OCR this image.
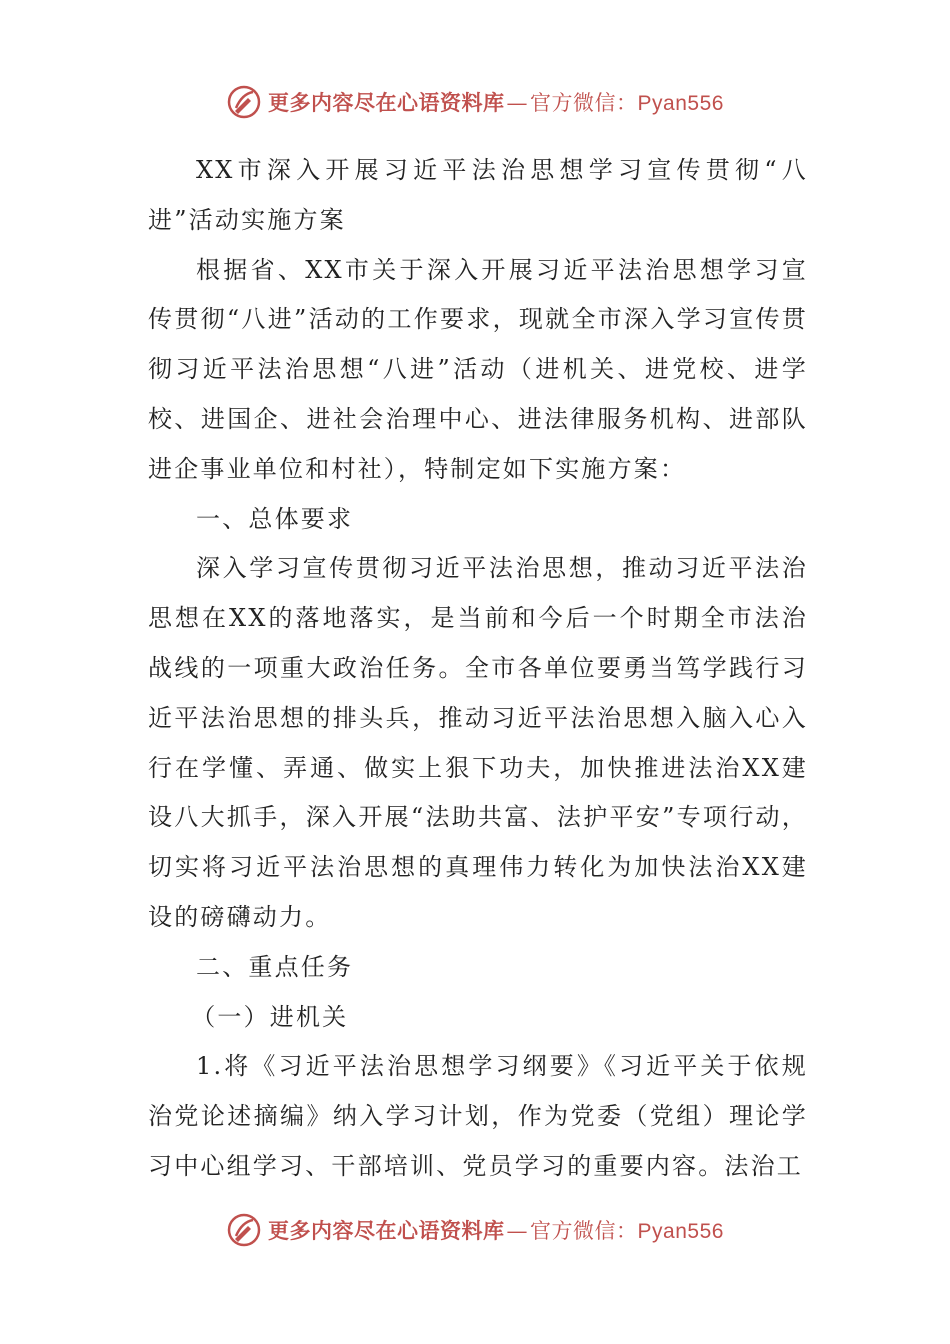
更多内容尽在心语资料库—官方微信：Pyan556

XX市深入开展习近平法治思想学习宣传贯彻“八进”活动实施方案

根据省、XX市关于深入开展习近平法治思想学习宣传贯彻“八进”活动的工作要求，现就全市深入学习宣传贯彻习近平法治思想“八进”活动（进机关、进党校、进学校、进国企、进社会治理中心、进法律服务机构、进部队进企事业单位和村社），特制定如下实施方案：

一、总体要求

深入学习宣传贯彻习近平法治思想，推动习近平法治思想在XX的落地落实，是当前和今后一个时期全市法治战线的一项重大政治任务。全市各单位要勇当笃学践行习近平法治思想的排头兵，推动习近平法治思想入脑入心入行在学懂、弄通、做实上狠下功夫，加快推进法治XX建设八大抓手，深入开展“法助共富、法护平安”专项行动，切实将习近平法治思想的真理伟力转化为加快法治XX建设的磅礴动力。

二、重点任务

（一）进机关

1.将《习近平法治思想学习纲要》《习近平关于依规治党论述摘编》纳入学习计划，作为党委（党组）理论学习中心组学习、干部培训、党员学习的重要内容。法治工

更多内容尽在心语资料库—官方微信：Pyan556
